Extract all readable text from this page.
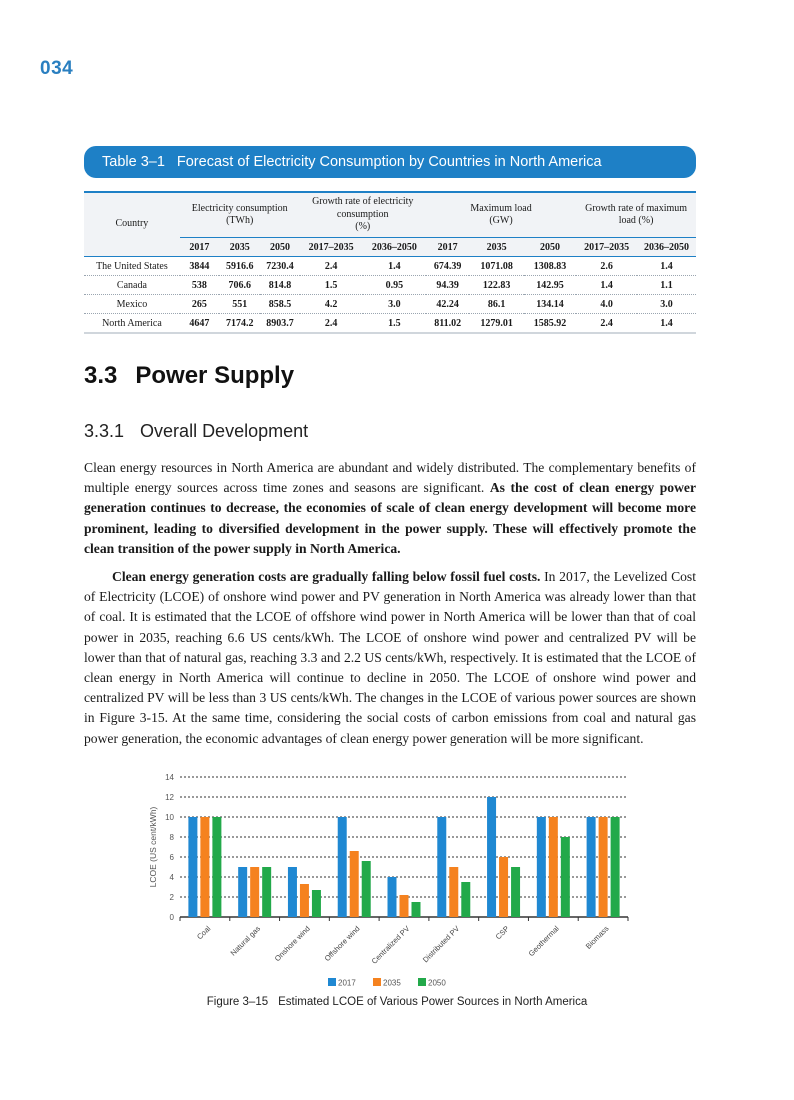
034
Table 3–1 Forecast of Electricity Consumption by Countries in North America
Country	Electricity consumption
(TWh)			Growth rate of electricity
consumption
(%)		Maximum load
(GW)			Growth rate of maximum
load (%)	
	2017	2035	2050	2017–2035	2036–2050	2017	2035	2050	2017–2035	2036–2050
The United States	3844	5916.6	7230.4	2.4	1.4	674.39	1071.08	1308.83	2.6	1.4
Canada	538	706.6	814.8	1.5	0.95	94.39	122.83	142.95	1.4	1.1
Mexico	265	551	858.5	4.2	3.0	42.24	86.1	134.14	4.0	3.0
North America	4647	7174.2	8903.7	2.4	1.5	811.02	1279.01	1585.92	2.4	1.4
3.3 Power Supply
3.3.1 Overall Development

Clean energy resources in North America are abundant and widely distributed. The complementary benefits of multiple energy sources across time zones and seasons are significant. As the cost of clean energy power generation continues to decrease, the economies of scale of clean energy development will become more prominent, leading to diversified development in the power supply. These will effectively promote the clean transition of the power supply in North America.

Clean energy generation costs are gradually falling below fossil fuel costs. In 2017, the Levelized Cost of Electricity (LCOE) of onshore wind power and PV generation in North America was already lower than that of coal. It is estimated that the LCOE of offshore wind power in North America will be lower than that of coal power in 2035, reaching 6.6 US cents/kWh. The LCOE of onshore wind power and centralized PV will be lower than that of natural gas, reaching 3.3 and 2.2 US cents/kWh, respectively. It is estimated that the LCOE of clean energy in North America will continue to decline in 2050. The LCOE of onshore wind power and centralized PV will be less than 3 US cents/kWh. The changes in the LCOE of various power sources are shown in Figure 3-15. At the same time, considering the social costs of carbon emissions from coal and natural gas power generation, the economic advantages of clean energy power generation will be more significant.

0
2
4
6
8
10
12
14
LCOE (US cent/kWh)
Coal Natural gas Onshore wind Offshore wind Centralized PV Distributed PV	CSP Geothermal	Biomass
2017	2035	2050
Figure 3–15 Estimated LCOE of Various Power Sources in North America
